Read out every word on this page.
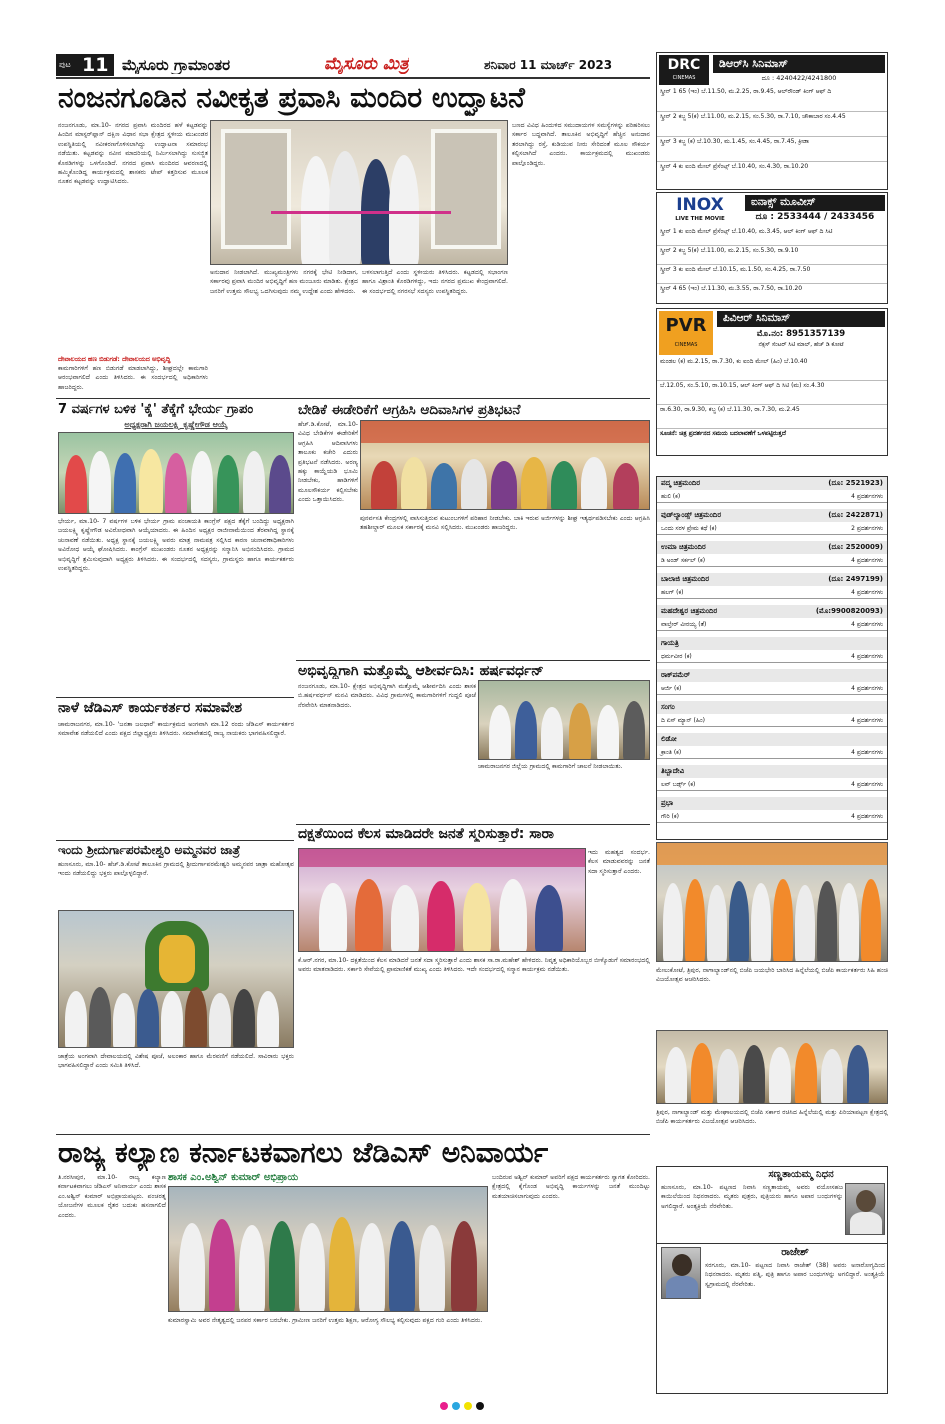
ಪುಟ 11 ಮೈಸೂರು ಗ್ರಾಮಾಂತರ	ಮೈಸೂರು ಮಿತ್ರ	ಶನಿವಾರ 11 ಮಾರ್ಚ್ 2023
ನಂಜನಗೂಡಿನ ನವೀಕೃತ ಪ್ರವಾಸಿ ಮಂದಿರ ಉದ್ಘಾಟನೆ
ನಂಜನಗೂಡು, ಮಾ.10- ನಗರದ ಪ್ರವಾಸಿ ಮಂದಿರದ ಹಳೆ ಕಟ್ಟಡವನ್ನು ಹಿಂದಿನ ಮಾಸ್ಟರ್‌ಪ್ಲಾನ್ ದಕ್ಷಿಣ ವಿಧಾನ ಸಭಾ ಕ್ಷೇತ್ರದ ಸ್ಥಳೀಯ ಮುಖಂಡರ ಉಪಸ್ಥಿತಿಯಲ್ಲಿ ನವೀಕರಣಗೊಳಿಸಲಾಗಿದ್ದು ಉದ್ಘಾಟನಾ ಸಮಾರಂಭ ನಡೆಯಿತು. ಕಟ್ಟಡವನ್ನು ನವೀನ ಮಾದರಿಯಲ್ಲಿ ನಿರ್ಮಿಸಲಾಗಿದ್ದು ಸುಸಜ್ಜಿತ ಕೊಠಡಿಗಳನ್ನು ಒಳಗೊಂಡಿದೆ. ನಗರದ ಪ್ರವಾಸಿ ಮಂದಿರದ ಆವರಣದಲ್ಲಿ ಹಮ್ಮಿಕೊಂಡಿದ್ದ ಕಾರ್ಯಕ್ರಮದಲ್ಲಿ ಶಾಸಕರು ಟೇಪ್ ಕತ್ತರಿಸುವ ಮೂಲಕ ನೂತನ ಕಟ್ಟಡವನ್ನು ಉದ್ಘಾಟಿಸಿದರು.
ದೇವಾಲಯದ ಹಣ ಬಿಡುಗಡೆ: ದೇವಾಲಯದ ಅಭಿವೃದ್ಧಿ
ಕಾಮಗಾರಿಗಳಿಗೆ ಹಣ ಬಿಡುಗಡೆ ಮಾಡಲಾಗಿದ್ದು, ಶೀಘ್ರದಲ್ಲೇ ಕಾಮಗಾರಿ ಆರಂಭವಾಗಲಿದೆ ಎಂದು ತಿಳಿಸಿದರು. ಈ ಸಂದರ್ಭದಲ್ಲಿ ಅಧಿಕಾರಿಗಳು ಹಾಜರಿದ್ದರು.
ಅನುದಾನ ನೀಡಲಾಗಿದೆ. ಮುಖ್ಯಮಂತ್ರಿಗಳು ನಗರಕ್ಕೆ ಭೇಟಿ ನೀಡಿದಾಗ, ಸರ್ಕಾರವು ಪ್ರವಾಸಿ ಮಂದಿರ ಅಭಿವೃದ್ಧಿಗೆ ಹಣ ಮಂಜೂರು ಮಾಡಿತು. ಕ್ಷೇತ್ರದ ಜನರಿಗೆ ಉತ್ತಮ ಸೌಲಭ್ಯ ಒದಗಿಸುವುದು ನಮ್ಮ ಉದ್ದೇಶ ಎಂದು ಹೇಳಿದರು.
ಬಳಸಲಾಗುತ್ತಿದೆ ಎಂದು ಸ್ಥಳೀಯರು ತಿಳಿಸಿದರು. ಕಟ್ಟಡದಲ್ಲಿ ಸಭಾಂಗಣ ಹಾಗೂ ವಿಶ್ರಾಂತಿ ಕೊಠಡಿಗಳಿದ್ದು, ಇದು ನಗರದ ಪ್ರಮುಖ ಕೇಂದ್ರವಾಗಲಿದೆ. ಈ ಸಂದರ್ಭದಲ್ಲಿ ನಗರಸಭೆ ಸದಸ್ಯರು ಉಪಸ್ಥಿತರಿದ್ದರು.
ಬಣದ ವಿವಿಧ ಹಿಂದುಳಿದ ಸಮುದಾಯಗಳ ಸಮಸ್ಯೆಗಳನ್ನು ಪರಿಹರಿಸಲು ಸರ್ಕಾರ ಬದ್ಧವಾಗಿದೆ. ತಾಲೂಕಿನ ಅಭಿವೃದ್ಧಿಗೆ ಹೆಚ್ಚಿನ ಅನುದಾನ ತರಲಾಗಿದ್ದು ರಸ್ತೆ, ಕುಡಿಯುವ ನೀರು ಸೇರಿದಂತೆ ಮೂಲ ಸೌಕರ್ಯ ಕಲ್ಪಿಸಲಾಗಿದೆ ಎಂದರು. ಕಾರ್ಯಕ್ರಮದಲ್ಲಿ ಮುಖಂಡರು ಪಾಲ್ಗೊಂಡಿದ್ದರು.
7 ವರ್ಷಗಳ ಬಳಿಕ 'ಕೈ' ತೆಕ್ಕೆಗೆ ಭೇರ್ಯ ಗ್ರಾಪಂ
ಅಧ್ಯಕ್ಷರಾಗಿ ಜಯಲಕ್ಷ್ಮಿ ಕೃಷ್ಣೇಗೌಡ ಆಯ್ಕೆ
ಭೇರ್ಯ, ಮಾ.10- 7 ವರ್ಷಗಳ ಬಳಿಕ ಭೇರ್ಯ ಗ್ರಾಮ ಪಂಚಾಯತಿ ಕಾಂಗ್ರೆಸ್ ಪಕ್ಷದ ತೆಕ್ಕೆಗೆ ಬಂದಿದ್ದು ಅಧ್ಯಕ್ಷರಾಗಿ ಜಯಲಕ್ಷ್ಮಿ ಕೃಷ್ಣೇಗೌಡ ಅವಿರೋಧವಾಗಿ ಆಯ್ಕೆಯಾದರು. ಈ ಹಿಂದಿನ ಅಧ್ಯಕ್ಷರ ರಾಜೀನಾಮೆಯಿಂದ ತೆರವಾಗಿದ್ದ ಸ್ಥಾನಕ್ಕೆ ಚುನಾವಣೆ ನಡೆಯಿತು. ಅಧ್ಯಕ್ಷ ಸ್ಥಾನಕ್ಕೆ ಜಯಲಕ್ಷ್ಮಿ ಅವರು ಮಾತ್ರ ನಾಮಪತ್ರ ಸಲ್ಲಿಸಿದ ಕಾರಣ ಚುನಾವಣಾಧಿಕಾರಿಗಳು ಅವಿರೋಧ ಆಯ್ಕೆ ಘೋಷಿಸಿದರು. ಕಾಂಗ್ರೆಸ್ ಮುಖಂಡರು ನೂತನ ಅಧ್ಯಕ್ಷರನ್ನು ಸನ್ಮಾನಿಸಿ ಅಭಿನಂದಿಸಿದರು. ಗ್ರಾಮದ ಅಭಿವೃದ್ಧಿಗೆ ಶ್ರಮಿಸುವುದಾಗಿ ಅಧ್ಯಕ್ಷರು ತಿಳಿಸಿದರು. ಈ ಸಂದರ್ಭದಲ್ಲಿ ಸದಸ್ಯರು, ಗ್ರಾಮಸ್ಥರು ಹಾಗೂ ಕಾರ್ಯಕರ್ತರು ಉಪಸ್ಥಿತರಿದ್ದರು.
ಬೇಡಿಕೆ ಈಡೇರಿಕೆಗೆ ಆಗ್ರಹಿಸಿ ಆದಿವಾಸಿಗಳ ಪ್ರತಿಭಟನೆ
ಹೆಚ್.ಡಿ.ಕೋಟೆ, ಮಾ.10- ವಿವಿಧ ಬೇಡಿಕೆಗಳ ಈಡೇರಿಕೆಗೆ ಆಗ್ರಹಿಸಿ ಆದಿವಾಸಿಗಳು ತಾಲೂಕು ಕಚೇರಿ ಎದುರು ಪ್ರತಿಭಟನೆ ನಡೆಸಿದರು. ಅರಣ್ಯ ಹಕ್ಕು ಕಾಯ್ದೆಯಡಿ ಭೂಮಿ ನೀಡಬೇಕು, ಹಾಡಿಗಳಿಗೆ ಮೂಲಸೌಕರ್ಯ ಕಲ್ಪಿಸಬೇಕು ಎಂದು ಒತ್ತಾಯಿಸಿದರು.
ಪುನರ್ವಸತಿ ಕೇಂದ್ರಗಳಲ್ಲಿ ವಾಸಿಸುತ್ತಿರುವ ಕುಟುಂಬಗಳಿಗೆ ಪರಿಹಾರ ನೀಡಬೇಕು. ಬಾಕಿ ಇರುವ ಅರ್ಜಿಗಳನ್ನು ಶೀಘ್ರ ಇತ್ಯರ್ಥಪಡಿಸಬೇಕು ಎಂದು ಆಗ್ರಹಿಸಿ ತಹಶೀಲ್ದಾರ್ ಮೂಲಕ ಸರ್ಕಾರಕ್ಕೆ ಮನವಿ ಸಲ್ಲಿಸಿದರು. ಮುಖಂಡರು ಹಾಜರಿದ್ದರು.
ಅಭಿವೃದ್ಧಿಗಾಗಿ ಮತ್ತೊಮ್ಮೆ ಆಶೀರ್ವದಿಸಿ: ಹರ್ಷವರ್ಧನ್
ನಂಜನಗೂಡು, ಮಾ.10- ಕ್ಷೇತ್ರದ ಅಭಿವೃದ್ಧಿಗಾಗಿ ಮತ್ತೊಮ್ಮೆ ಆಶೀರ್ವದಿಸಿ ಎಂದು ಶಾಸಕ ಬಿ.ಹರ್ಷವರ್ಧನ್ ಮನವಿ ಮಾಡಿದರು. ವಿವಿಧ ಗ್ರಾಮಗಳಲ್ಲಿ ಕಾಮಗಾರಿಗಳಿಗೆ ಗುದ್ದಲಿ ಪೂಜೆ ನೆರವೇರಿಸಿ ಮಾತನಾಡಿದರು.
ಚಾಮರಾಜನಗರ ಜಿಲ್ಲೆಯ ಗ್ರಾಮದಲ್ಲಿ ಕಾಮಗಾರಿಗೆ ಚಾಲನೆ ನೀಡಲಾಯಿತು.
ನಾಳೆ ಜೆಡಿಎಸ್ ಕಾರ್ಯಕರ್ತರ ಸಮಾವೇಶ
ಚಾಮರಾಜನಗರ, ಮಾ.10- 'ಜನತಾ ಜಲಧಾರೆ' ಕಾರ್ಯಕ್ರಮದ ಅಂಗವಾಗಿ ಮಾ.12 ರಂದು ಜೆಡಿಎಸ್ ಕಾರ್ಯಕರ್ತರ ಸಮಾವೇಶ ನಡೆಯಲಿದೆ ಎಂದು ಪಕ್ಷದ ಜಿಲ್ಲಾಧ್ಯಕ್ಷರು ತಿಳಿಸಿದರು. ಸಮಾವೇಶದಲ್ಲಿ ರಾಜ್ಯ ನಾಯಕರು ಭಾಗವಹಿಸಲಿದ್ದಾರೆ.
ದಕ್ಷತೆಯಿಂದ ಕೆಲಸ ಮಾಡಿದರೇ ಜನತೆ ಸ್ಮರಿಸುತ್ತಾರೆ: ಸಾರಾ
ಇದು ಮಹತ್ವದ ಸಂದರ್ಭ. ಕೆಲಸ ಮಾಡುವವರನ್ನು ಜನತೆ ಸದಾ ಸ್ಮರಿಸುತ್ತಾರೆ ಎಂದರು.
ಕೆ.ಆರ್.ನಗರ, ಮಾ.10- ದಕ್ಷತೆಯಿಂದ ಕೆಲಸ ಮಾಡಿದರೆ ಜನತೆ ಸದಾ ಸ್ಮರಿಸುತ್ತಾರೆ ಎಂದು ಶಾಸಕ ಸಾ.ರಾ.ಮಹೇಶ್ ಹೇಳಿದರು. ನಿವೃತ್ತ ಅಧಿಕಾರಿಯೊಬ್ಬರ ಬೀಳ್ಕೊಡುಗೆ ಸಮಾರಂಭದಲ್ಲಿ ಅವರು ಮಾತನಾಡಿದರು. ಸರ್ಕಾರಿ ಸೇವೆಯಲ್ಲಿ ಪ್ರಾಮಾಣಿಕತೆ ಮುಖ್ಯ ಎಂದು ತಿಳಿಸಿದರು. ಇದೇ ಸಂದರ್ಭದಲ್ಲಿ ಸನ್ಮಾನ ಕಾರ್ಯಕ್ರಮ ನಡೆಯಿತು.
ಇಂದು ಶ್ರೀದುರ್ಗಾಪರಮೇಶ್ವರಿ ಅಮ್ಮನವರ ಜಾತ್ರೆ
ಹುಣಸೂರು, ಮಾ.10- ಹೆಚ್.ಡಿ.ಕೋಟೆ ತಾಲೂಕಿನ ಗ್ರಾಮದಲ್ಲಿ ಶ್ರೀದುರ್ಗಾಪರಮೇಶ್ವರಿ ಅಮ್ಮನವರ ಜಾತ್ರಾ ಮಹೋತ್ಸವ ಇಂದು ನಡೆಯಲಿದ್ದು ಭಕ್ತರು ಪಾಲ್ಗೊಳ್ಳಲಿದ್ದಾರೆ.
ಜಾತ್ರೆಯ ಅಂಗವಾಗಿ ದೇವಾಲಯದಲ್ಲಿ ವಿಶೇಷ ಪೂಜೆ, ಅಲಂಕಾರ ಹಾಗೂ ಮೆರವಣಿಗೆ ನಡೆಯಲಿದೆ. ಸಾವಿರಾರು ಭಕ್ತರು ಭಾಗವಹಿಸಲಿದ್ದಾರೆ ಎಂದು ಸಮಿತಿ ತಿಳಿಸಿದೆ.
DRC
CINEMAS
ಡಿಆರ್‌ಸಿ ಸಿನಿಮಾಸ್
ದೂ : 4240422/4241800
ಸ್ಕ್ರೀನ್ 1 65 (ಇಂ) ಬೆ.11.50, ಮ.2.25, ರಾ.9.45, ಆಲ್‌ರೌಂಡ್ ಕಿಂಗ್ ಆಫ್ ದಿ
ಸ್ಕ್ರೀನ್ 2 ಕಬ್ಜ 5(ಕ) ಬೆ.11.00, ಮ.2.15, ಸಂ.5.30, ರಾ.7.10, ಚೌಕಾಬಾರ ಸಂ.4.45
ಸ್ಕ್ರೀನ್ 3 ಕಬ್ಜ (ಕ) ಬೆ.10.30, ಮ.1.45, ಸಂ.4.45, ರಾ.7.45, ಕ್ರೀಡಾ
ಸ್ಕ್ರೀನ್ 4 ಕು ಐಂದಿ ಮೇಲ್ ಪ್ರೆಸೆಂಟ್ಸ್ ಬೆ.10.40, ಸಂ.4.30, ರಾ.10.20
INOX
LIVE THE MOVIE
ಐನಾಕ್ಸ್ ಮೂವೀಸ್
ದೂ : 2533444 / 2433456
ಸ್ಕ್ರೀನ್ 1 ಕು ಐಂದಿ ಮೇಲ್ ಪ್ರೆಸೆಂಟ್ಸ್ ಬೆ.10.40, ಮ.3.45, ಆಲ್ ಕಿಂಗ್ ಆಫ್ ದಿ ಸಿಟಿ
ಸ್ಕ್ರೀನ್ 2 ಕಬ್ಜ 5(ಕ) ಬೆ.11.00, ಮ.2.15, ಸಂ.5.30, ರಾ.9.10
ಸ್ಕ್ರೀನ್ 3 ಕು ಐಂದಿ ಮೇಲ್ ಬೆ.10.15, ಮ.1.50, ಸಂ.4.25, ರಾ.7.50
ಸ್ಕ್ರೀನ್ 4 65 (ಇಂ) ಬೆ.11.30, ಮ.3.55, ರಾ.7.50, ರಾ.10.20
PVR
CINEMAS
ಪಿವಿಆರ್ ಸಿನಿಮಾಸ್
ಮೊ.ನಂ: 8951357139
ನೆಕ್ಸಸ್ ಸೆಂಟರ್ ಸಿಟಿ ಮಾಲ್, ಹೆಚ್ ಡಿ ಕೋಟೆ
ಮಂಡಲ (ಕ) ಮ.2.15, ರಾ.7.30, ಕು ಐಂದಿ ಮೇಲ್ (ಹಿಂ) ಬೆ.10.40
ಬೆ.12.05, ಸಂ.5.10, ರಾ.10.15, ಆಲ್ ಕಿಂಗ್ ಆಫ್ ದಿ ಸಿಟಿ (ಮ) ಸಂ.4.30
ರಾ.6.30, ರಾ.9.30, ಕಬ್ಜ (ಕ) ಬೆ.11.30, ರಾ.7.30, ಮ.2.45
ಸೂಚನೆ: ಚಿತ್ರ ಪ್ರದರ್ಶನದ ಸಮಯ ಬದಲಾವಣೆಗೆ ಒಳಪಟ್ಟಿರುತ್ತದೆ
ಪದ್ಮ ಚಿತ್ರಮಂದಿರ	(ದೂ: 2521923)
ಹುಲಿ (ಕ)	4 ಪ್ರದರ್ಶನಗಳು
ವುಡ್‌ಲ್ಯಾಂಡ್ಸ್ ಚಿತ್ರಮಂದಿರ	(ದೂ: 2422871)
ಒಂದು ಸರಳ ಪ್ರೇಮ ಕಥೆ (ಕ)	2 ಪ್ರದರ್ಶನಗಳು
ಉಮಾ ಚಿತ್ರಮಂದಿರ	(ದೂ: 2520009)
ಡಿ ಅಂಡ್ ಸರ್ಕಲ್ (ಕ)	4 ಪ್ರದರ್ಶನಗಳು
ಬಾಲಾಜಿ ಚಿತ್ರಮಂದಿರ	(ದೂ: 2497199)
ಹಲಗ್ (ಕ)	4 ಪ್ರದರ್ಶನಗಳು
ಮಹದೇಶ್ವರ ಚಿತ್ರಮಂದಿರ	(ಮೊ:9900820093)
ವಾಲ್ತೇರ್ ವೀರಯ್ಯ (ತೆ)	4 ಪ್ರದರ್ಶನಗಳು
ಗಾಯತ್ರಿ
ಧರ್ಮವೀರ (ಕ)	4 ಪ್ರದರ್ಶನಗಳು
ರಾಕ್‌ಪಮೆರ್
ಆರ್ಜಿ (ಕ)	4 ಪ್ರದರ್ಶನಗಳು
ಸಂಗಂ
ದಿ ಏಸ್ ಮ್ಯಾನ್ (ಹಿಂ)	4 ಪ್ರದರ್ಶನಗಳು
ಲಿಡೋ
ಕ್ರಾಂತಿ (ಕ)	4 ಪ್ರದರ್ಶನಗಳು
ತಿಬ್ಬಾದೇವಿ
ಲವ್ ಬರ್ಡ್ಸ್ (ಕ)	4 ಪ್ರದರ್ಶನಗಳು
ಪ್ರಭಾ
ಗೌರಿ (ಕ)	4 ಪ್ರದರ್ಶನಗಳು
ಮೇಲುಕೋಟೆ, ತ್ರಿಪುರ, ನಾಗಾಲ್ಯಾಂಡ್‌ನಲ್ಲಿ ಬಿಜೆಪಿ ಜಯಭೇರಿ ಬಾರಿಸಿದ ಹಿನ್ನೆಲೆಯಲ್ಲಿ ಬಿಜೆಪಿ ಕಾರ್ಯಕರ್ತರು ಸಿಹಿ ಹಂಚಿ ವಿಜಯೋತ್ಸವ ಆಚರಿಸಿದರು.
ತ್ರಿಪುರ, ನಾಗಾಲ್ಯಾಂಡ್ ಮತ್ತು ಮೇಘಾಲಯದಲ್ಲಿ ಬಿಜೆಪಿ ಸರ್ಕಾರ ರಚಿಸಿದ ಹಿನ್ನೆಲೆಯಲ್ಲಿ ಮತ್ತು ಪಿರಿಯಾಪಟ್ಟಣ ಕ್ಷೇತ್ರದಲ್ಲಿ ಬಿಜೆಪಿ ಕಾರ್ಯಕರ್ತರು ವಿಜಯೋತ್ಸವ ಆಚರಿಸಿದರು.
ರಾಜ್ಯ ಕಲ್ಯಾಣ ಕರ್ನಾಟಕವಾಗಲು ಜೆಡಿಎಸ್ ಅನಿವಾರ್ಯ
ಶಾಸಕ ಎಂ.ಅಶ್ವಿನ್ ಕುಮಾರ್ ಅಭಿಪ್ರಾಯ
ತಿ.ನರಸೀಪುರ, ಮಾ.10- ರಾಜ್ಯ ಕಲ್ಯಾಣ ಕರ್ನಾಟಕವಾಗಲು ಜೆಡಿಎಸ್ ಅನಿವಾರ್ಯ ಎಂದು ಶಾಸಕ ಎಂ.ಅಶ್ವಿನ್ ಕುಮಾರ್ ಅಭಿಪ್ರಾಯಪಟ್ಟರು. ಪಂಚರತ್ನ ಯೋಜನೆಗಳ ಮೂಲಕ ರೈತರ ಬದುಕು ಹಸನಾಗಲಿದೆ ಎಂದರು.
ಕುಮಾರಸ್ವಾಮಿ ಅವರ ನೇತೃತ್ವದಲ್ಲಿ ಜನಪರ ಸರ್ಕಾರ ಬರಬೇಕು. ಗ್ರಾಮೀಣ ಜನರಿಗೆ ಉತ್ತಮ ಶಿಕ್ಷಣ, ಆರೋಗ್ಯ ಸೌಲಭ್ಯ ಕಲ್ಪಿಸುವುದು ಪಕ್ಷದ ಗುರಿ ಎಂದು ತಿಳಿಸಿದರು.
ಬಂದಿರುವ ಅಶ್ವಿನ್ ಕುಮಾರ್ ಅವರಿಗೆ ಪಕ್ಷದ ಕಾರ್ಯಕರ್ತರು ಸ್ವಾಗತ ಕೋರಿದರು. ಕ್ಷೇತ್ರದಲ್ಲಿ ಕೈಗೊಂಡ ಅಭಿವೃದ್ಧಿ ಕಾರ್ಯಗಳನ್ನು ಜನತೆ ಮುಂದಿಟ್ಟು ಮತಯಾಚಿಸಲಾಗುವುದು ಎಂದರು.
ಸಣ್ಣತಾಯಮ್ಮ ನಿಧನ
ಹುಣಸೂರು, ಮಾ.10- ಪಟ್ಟಣದ ನಿವಾಸಿ ಸಣ್ಣತಾಯಮ್ಮ ಅವರು ವಯೋಸಹಜ ಕಾಯಿಲೆಯಿಂದ ನಿಧನರಾದರು. ಮೃತರು ಪುತ್ರರು, ಪುತ್ರಿಯರು ಹಾಗೂ ಅಪಾರ ಬಂಧುಗಳನ್ನು ಅಗಲಿದ್ದಾರೆ. ಅಂತ್ಯಕ್ರಿಯೆ ನೆರವೇರಿತು.
ರಾಜೇಶ್
ಸರಗೂರು, ಮಾ.10- ಪಟ್ಟಣದ ನಿವಾಸಿ ರಾಜೇಶ್ (38) ಅವರು ಅನಾರೋಗ್ಯದಿಂದ ನಿಧನರಾದರು. ಮೃತರು ಪತ್ನಿ, ಪುತ್ರಿ ಹಾಗೂ ಅಪಾರ ಬಂಧುಗಳನ್ನು ಅಗಲಿದ್ದಾರೆ. ಅಂತ್ಯಕ್ರಿಯೆ ಸ್ವಗ್ರಾಮದಲ್ಲಿ ನೆರವೇರಿತು.
